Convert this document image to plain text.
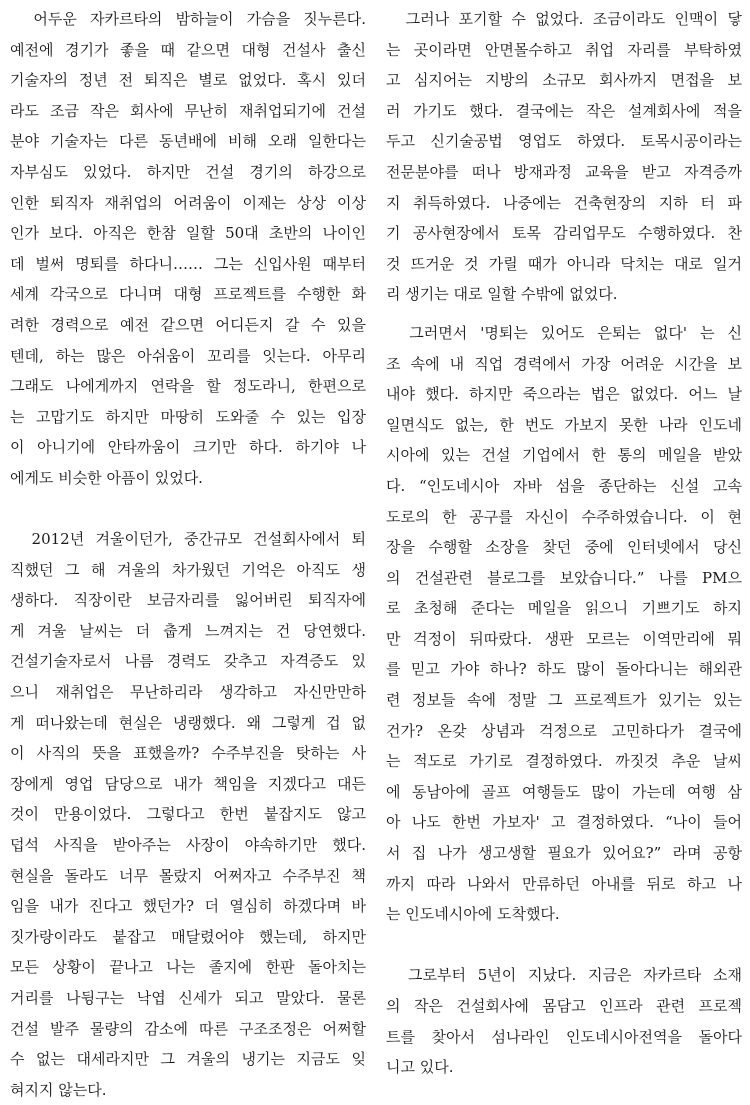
　어두운 자카르타의 밤하늘이 가슴을 짓누른다.
예전에 경기가 좋을 때 같으면 대형 건설사 출신
기술자의 정년 전 퇴직은 별로 없었다. 혹시 있더
라도 조금 작은 회사에 무난히 재취업되기에 건설
분야 기술자는 다른 동년배에 비해 오래 일한다는
자부심도 있었다. 하지만 건설 경기의 하강으로
인한 퇴직자 재취업의 어려움이 이제는 상상 이상
인가 보다. 아직은 한참 일할 50대 초반의 나이인
데 벌써 명퇴를 하다니…… 그는 신입사원 때부터
세계 각국으로 다니며 대형 프로젝트를 수행한 화
려한 경력으로 예전 같으면 어디든지 갈 수 있을
텐데, 하는 많은 아쉬움이 꼬리를 잇는다. 아무리
그래도 나에게까지 연락을 할 정도라니, 한편으로
는 고맙기도 하지만 마땅히 도와줄 수 있는 입장
이 아니기에 안타까움이 크기만 하다. 하기야 나
에게도 비슷한 아픔이 있었다.
　2012년 겨울이던가, 중간규모 건설회사에서 퇴
직했던 그 해 겨울의 차가웠던 기억은 아직도 생
생하다. 직장이란 보금자리를 잃어버린 퇴직자에
게 겨울 날씨는 더 춥게 느껴지는 건 당연했다.
건설기술자로서 나름 경력도 갖추고 자격증도 있
으니 재취업은 무난하리라 생각하고 자신만만하
게 떠나왔는데 현실은 냉랭했다. 왜 그렇게 겁 없
이 사직의 뜻을 표했을까? 수주부진을 탓하는 사
장에게 영업 담당으로 내가 책임을 지겠다고 대든
것이 만용이었다. 그렇다고 한번 붙잡지도 않고
덥석 사직을 받아주는 사장이 야속하기만 했다.
현실을 돌라도 너무 몰랐지 어쩌자고 수주부진 책
임을 내가 진다고 했던가? 더 열심히 하겠다며 바
짓가랑이라도 붙잡고 매달렸어야 했는데, 하지만
모든 상황이 끝나고 나는 졸지에 한판 돌아치는
거리를 나뒹구는 낙엽 신세가 되고 말았다. 물론
건설 발주 물량의 감소에 따른 구조조정은 어쩌할
수 없는 대세라지만 그 겨울의 냉기는 지금도 잊
혀지지 않는다.
　그러나 포기할 수 없었다. 조금이라도 인맥이 닿
는 곳이라면 안면몰수하고 취업 자리를 부탁하였
고 심지어는 지방의 소규모 회사까지 면접을 보
러 가기도 했다. 결국에는 작은 설계회사에 적을
두고 신기술공법 영업도 하였다. 토목시공이라는
전문분야를 떠나 방재과정 교육을 받고 자격증까
지 취득하였다. 나중에는 건축현장의 지하 터 파
기 공사현장에서 토목 감리업무도 수행하였다. 찬
것 뜨거운 것 가릴 때가 아니라 닥치는 대로 일거
리 생기는 대로 일할 수밖에 없었다.
　그러면서 '명퇴는 있어도 은퇴는 없다' 는 신
조 속에 내 직업 경력에서 가장 어려운 시간을 보
내야 했다. 하지만 죽으라는 법은 없었다. 어느 날
일면식도 없는, 한 번도 가보지 못한 나라 인도네
시아에 있는 건설 기업에서 한 통의 메일을 받았
다. “인도네시아 자바 섬을 종단하는 신설 고속
도로의 한 공구를 자신이 수주하였습니다. 이 현
장을 수행할 소장을 찾던 중에 인터넷에서 당신
의 건설관련 블로그를 보았습니다.” 나를 PM으
로 초청해 준다는 메일을 읽으니 기쁘기도 하지
만 걱정이 뒤따랐다. 생판 모르는 이역만리에 뭐
를 믿고 가야 하나? 하도 많이 돌아다니는 해외관
련 정보들 속에 정말 그 프로젝트가 있기는 있는
건가? 온갖 상념과 걱정으로 고민하다가 결국에
는 적도로 가기로 결정하였다. 까짓것 추운 날씨
에 동남아에 골프 여행들도 많이 가는데 여행 삼
아 나도 한번 가보자' 고 결정하였다. “나이 들어
서 집 나가 생고생할 필요가 있어요?” 라며 공항
까지 따라 나와서 만류하던 아내를 뒤로 하고 나
는 인도네시아에 도착했다.
　그로부터 5년이 지났다. 지금은 자카르타 소재
의 작은 건설회사에 몸담고 인프라 관련 프로젝
트를 찾아서 섬나라인 인도네시아전역을 돌아다
니고 있다.
